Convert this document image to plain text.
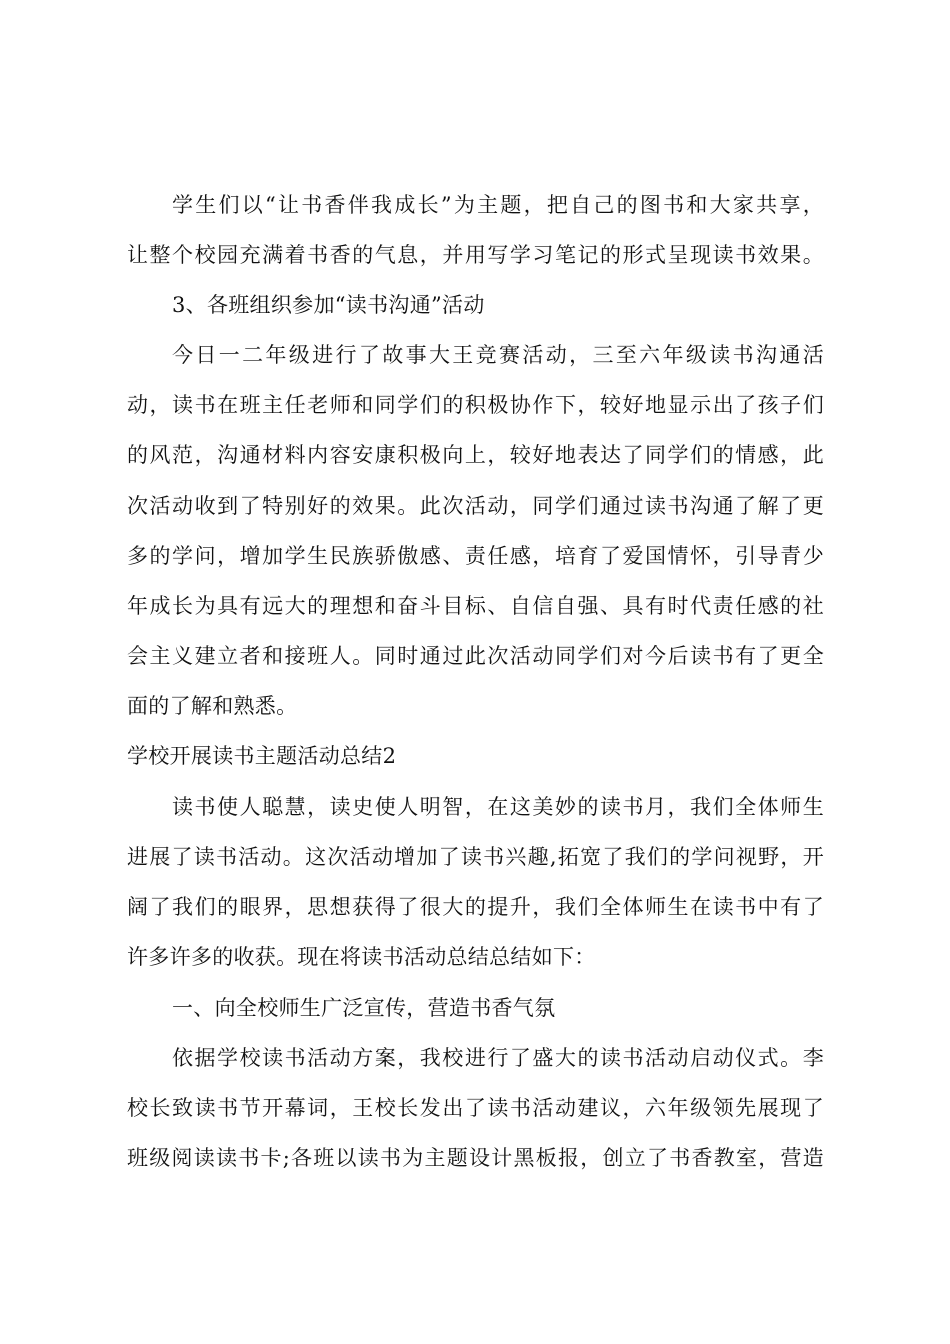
学生们以“让书香伴我成长”为主题，把自己的图书和大家共享，
让整个校园充满着书香的气息，并用写学习笔记的形式呈现读书效果。
3、各班组织参加“读书沟通”活动
今日一二年级进行了故事大王竞赛活动，三至六年级读书沟通活
动，读书在班主任老师和同学们的积极协作下，较好地显示出了孩子们
的风范，沟通材料内容安康积极向上，较好地表达了同学们的情感，此
次活动收到了特别好的效果。此次活动，同学们通过读书沟通了解了更
多的学问，增加学生民族骄傲感、责任感，培育了爱国情怀，引导青少
年成长为具有远大的理想和奋斗目标、自信自强、具有时代责任感的社
会主义建立者和接班人。同时通过此次活动同学们对今后读书有了更全
面的了解和熟悉。
学校开展读书主题活动总结2
读书使人聪慧，读史使人明智，在这美妙的读书月，我们全体师生
进展了读书活动。这次活动增加了读书兴趣,拓宽了我们的学问视野，开
阔了我们的眼界，思想获得了很大的提升，我们全体师生在读书中有了
许多许多的收获。现在将读书活动总结总结如下：
一、向全校师生广泛宣传，营造书香气氛
依据学校读书活动方案，我校进行了盛大的读书活动启动仪式。李
校长致读书节开幕词，王校长发出了读书活动建议，六年级领先展现了
班级阅读读书卡;各班以读书为主题设计黑板报，创立了书香教室，营造
